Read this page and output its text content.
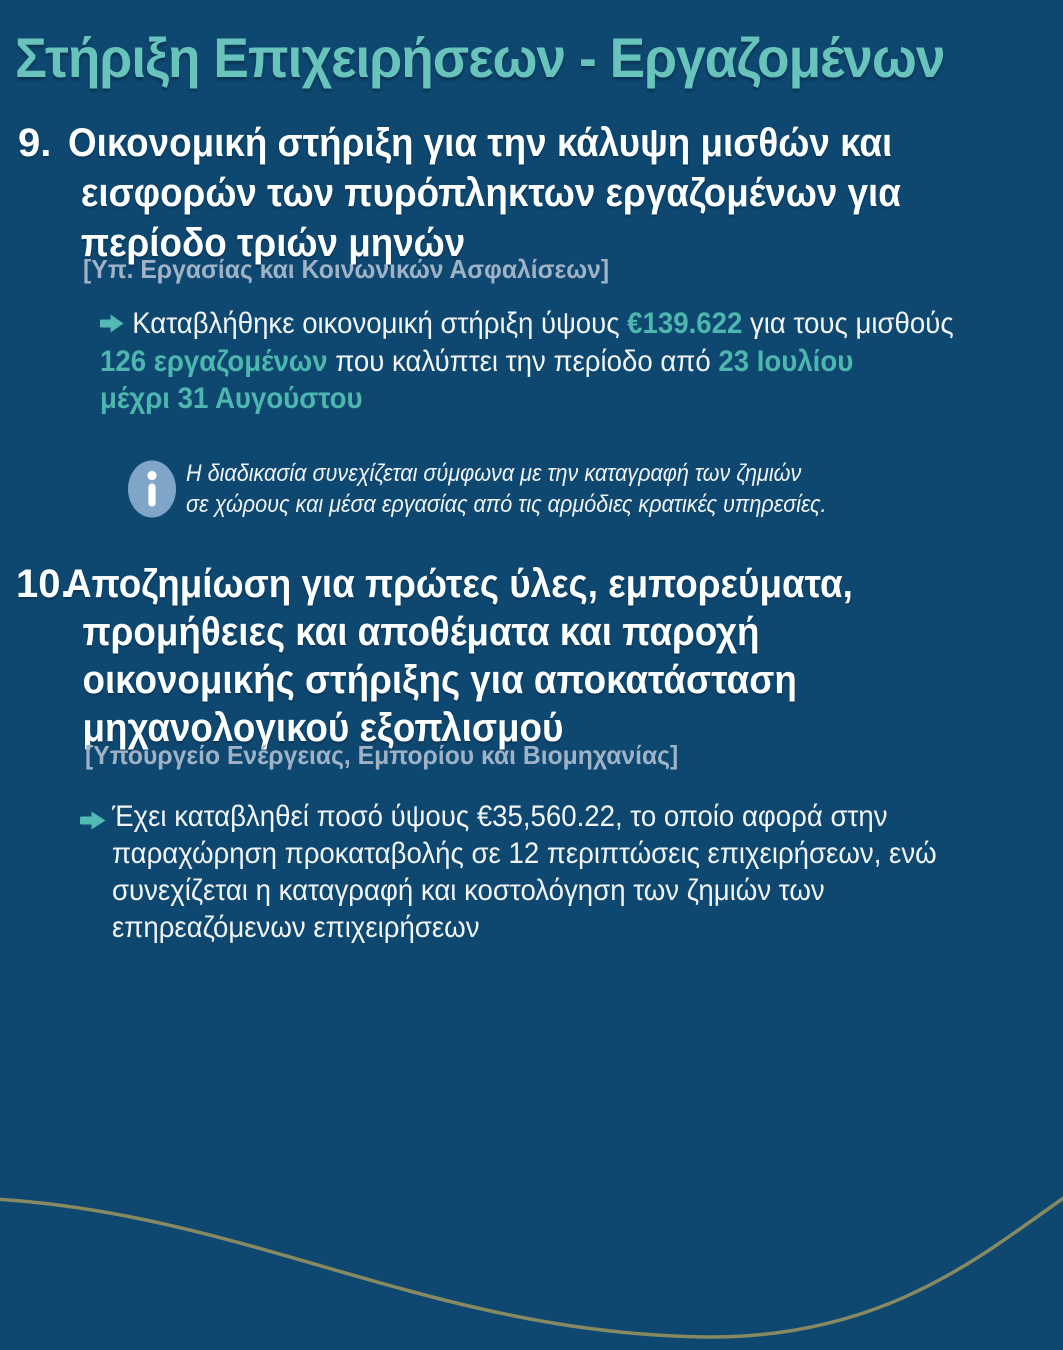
Στήριξη Επιχειρήσεων - Εργαζομένων
9. Οικονομική στήριξη για την κάλυψη μισθών και
εισφορών των πυρόπληκτων εργαζομένων για
περίοδο τριών μηνών
[Υπ. Εργασίας και Κοινωνικών Ασφαλίσεων]
Καταβλήθηκε οικονομική στήριξη ύψους €139.622 για τους μισθούς
126 εργαζομένων που καλύπτει την περίοδο από 23 Ιουλίου
μέχρι 31 Αυγούστου
Η διαδικασία συνεχίζεται σύμφωνα με την καταγραφή των ζημιών
σε χώρους και μέσα εργασίας από τις αρμόδιες κρατικές υπηρεσίες.
10.
Αποζημίωση για πρώτες ύλες, εμπορεύματα,
προμήθειες και αποθέματα και παροχή
οικονομικής στήριξης για αποκατάσταση
μηχανολογικού εξοπλισμού
[Υπουργείο Ενέργειας, Εμπορίου και Βιομηχανίας]
Έχει καταβληθεί ποσό ύψους €35,560.22, το οποίο αφορά στην
παραχώρηση προκαταβολής σε 12 περιπτώσεις επιχειρήσεων, ενώ
συνεχίζεται η καταγραφή και κοστολόγηση των ζημιών των
επηρεαζόμενων επιχειρήσεων
